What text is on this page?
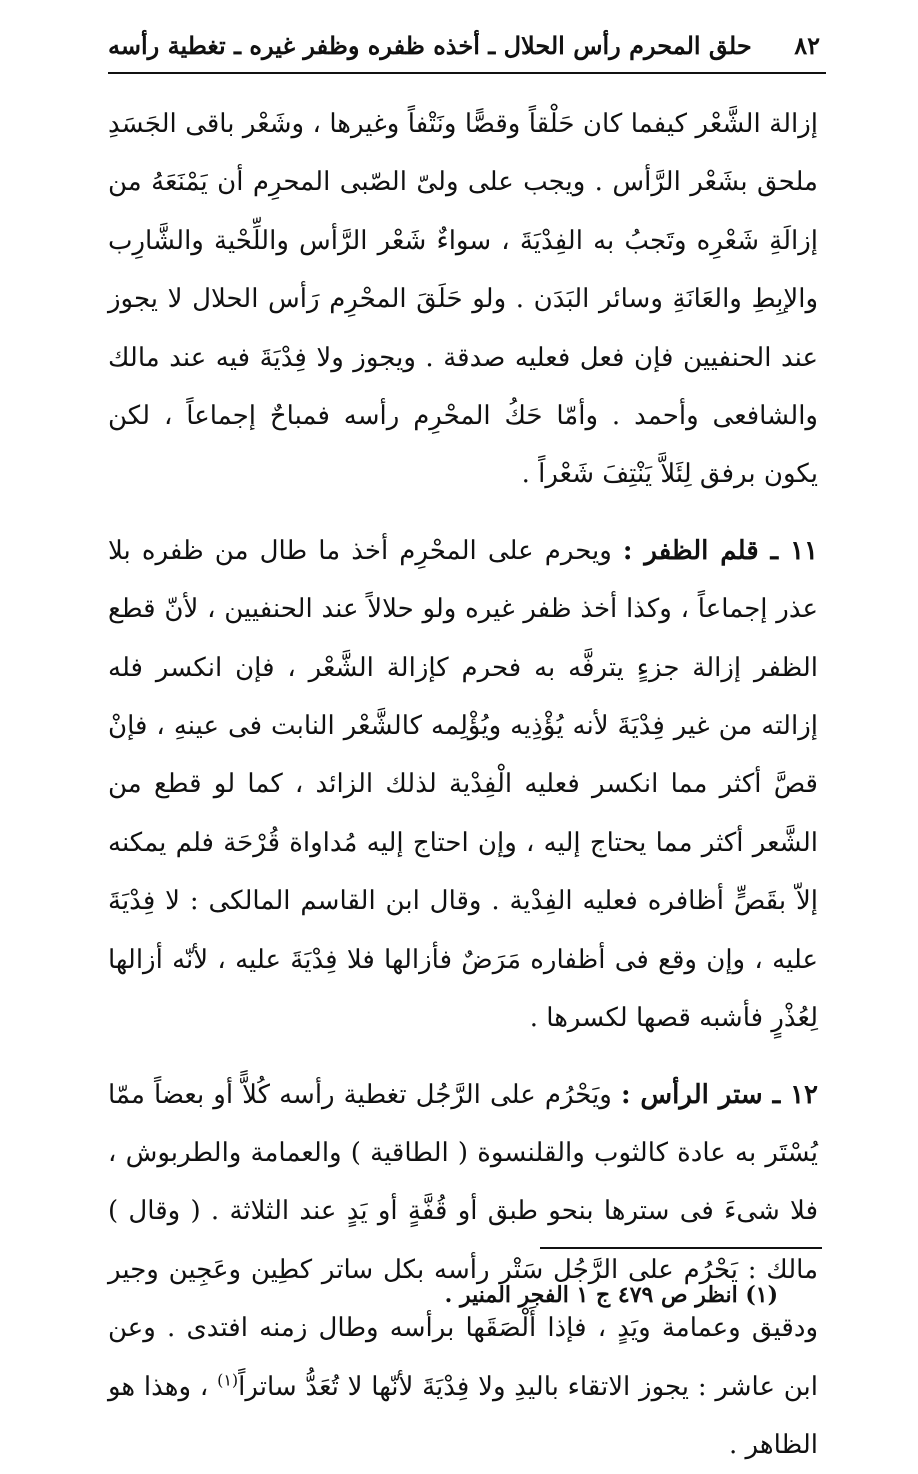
٨٢
حلق المحرم رأس الحلال ـ أخذه ظفره وظفر غيره ـ تغطية رأسه

إزالة الشَّعْر كيفما كان حَلْقاً وقصًّا ونَتْفاً وغيرها ، وشَعْر باقى الجَسَدِ ملحق بشَعْر الرَّأس . ويجب على ولىّ الصّبى المحرِم أن يَمْنَعَهُ من إزالَةِ شَعْرِه وتَجبُ به الفِدْيَةَ ، سواءٌ شَعْر الرَّأس واللِّحْية والشَّارِب والإبِطِ والعَانَةِ وسائر البَدَن . ولو حَلَقَ المحْرِم رَأس الحلال لا يجوز عند الحنفيين فإن فعل فعليه صدقة . ويجوز ولا فِدْيَةَ فيه عند مالك والشافعى وأحمد . وأمّا حَكُ المحْرِم رأسه فمباحٌ إجماعاً ، لكن يكون برفق لِئَلاَّ يَنْتِفَ شَعْراً .

١١ ـ قلم الظفر : ويحرم على المحْرِم أخذ ما طال من ظفره بلا عذر إجماعاً ، وكذا أخذ ظفر غيره ولو حلالاً عند الحنفيين ، لأنّ قطع الظفر إزالة جزءٍ يترفَّه به فحرم كإزالة الشَّعْر ، فإن انكسر فله إزالته من غير فِدْيَةَ لأنه يُؤْذِيه ويُؤْلِمه كالشَّعْر النابت فى عينهِ ، فإنْ قصَّ أكثر مما انكسر فعليه الْفِدْية لذلك الزائد ، كما لو قطع من الشَّعر أكثر مما يحتاج إليه ، وإن احتاج إليه مُداواة قُرْحَة فلم يمكنه إلاّ بقَصٍّ أظافره فعليه الفِدْية . وقال ابن القاسم المالكى : لا فِدْيَةَ عليه ، وإن وقع فى أظفاره مَرَضٌ فأزالها فلا فِدْيَةَ عليه ، لأنّه أزالها لِعُذْرٍ فأشبه قصها لكسرها .

١٢ ـ ستر الرأس : ويَحْرُم على الرَّجُل تغطية رأسه كُلاًّ أو بعضاً ممّا يُسْتَر به عادة كالثوب والقلنسوة ( الطاقية ) والعمامة والطربوش ، فلا شىءَ فى سترها بنحو طبق أو قُفَّةٍ أو يَدٍ عند الثلاثة . ( وقال ) مالك : يَحْرُم على الرَّجُل سَتْر رأسه بكل ساتر كطِين وعَجِين وجير ودقيق وعمامة ويَدٍ ، فإذا أَلْصَقَها برأسه وطال زمنه افتدى . وعن ابن عاشر : يجوز الاتقاء باليدِ ولا فِدْيَةَ لأنّها لا تُعَدُّ ساتراً$^{(١)}$ ، وهذا هو الظاهر .

(١) انظر ص ٤٧٩ ج ١ الفجر المنير .
